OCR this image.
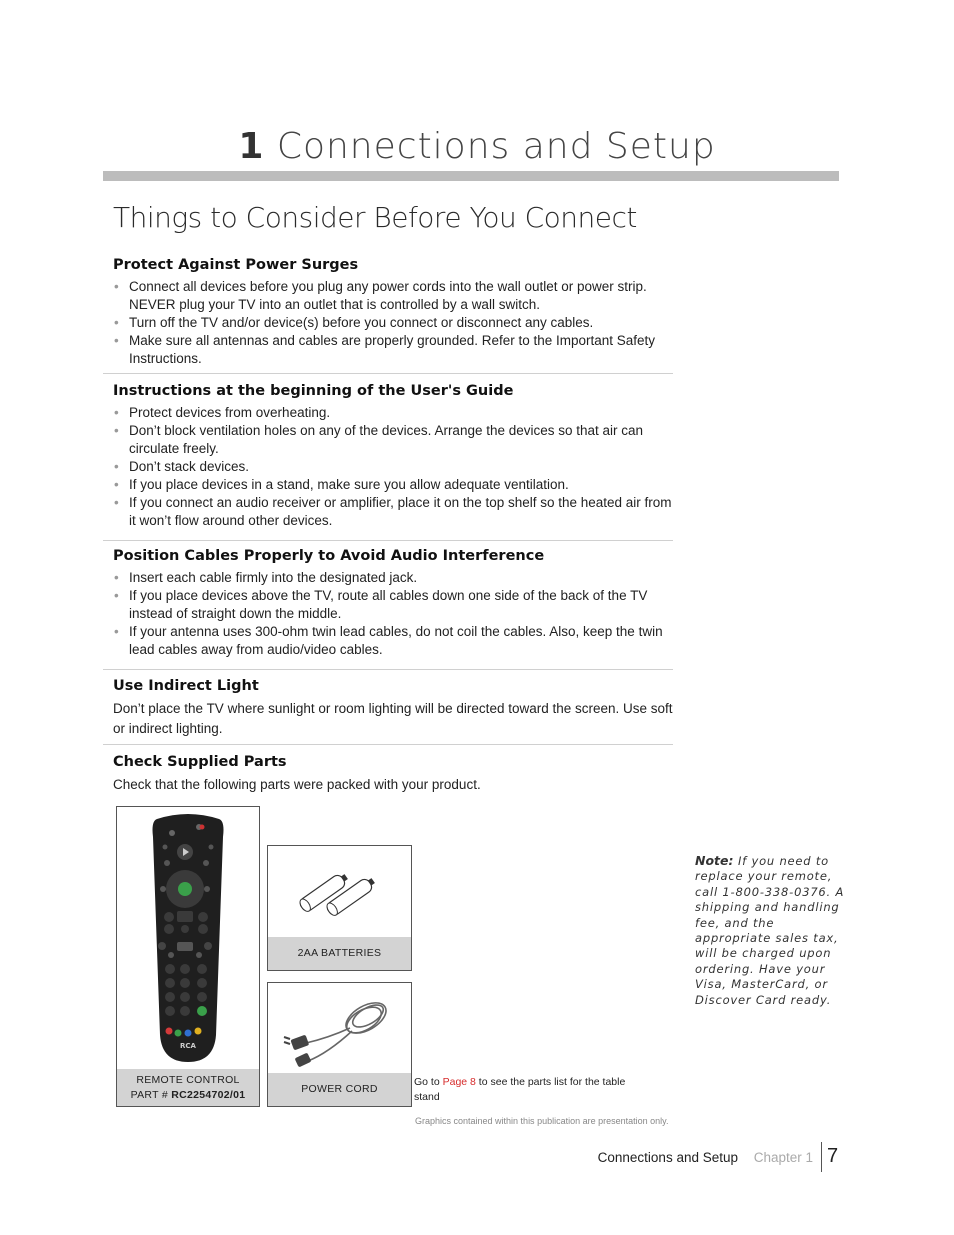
1 Connections and Setup
Things to Consider Before You Connect
Protect Against Power Surges
• Connect all devices before you plug any power cords into the wall outlet or power strip. NEVER plug your TV into an outlet that is controlled by a wall switch.
• Turn off the TV and/or device(s) before you connect or disconnect any cables.
• Make sure all antennas and cables are properly grounded. Refer to the Important Safety Instructions.
Instructions at the beginning of the User's Guide
• Protect devices from overheating.
• Don’t block ventilation holes on any of the devices. Arrange the devices so that air can circulate freely.
• Don’t stack devices.
• If you place devices in a stand, make sure you allow adequate ventilation.
• If you connect an audio receiver or amplifier, place it on the top shelf so the heated air from it won’t flow around other devices.
Position Cables Properly to Avoid Audio Interference
• Insert each cable firmly into the designated jack.
• If you place devices above the TV, route all cables down one side of the back of the TV instead of straight down the middle.
• If your antenna uses 300-ohm twin lead cables, do not coil the cables. Also, keep the twin lead cables away from audio/video cables.
Use Indirect Light

Don’t place the TV where sunlight or room lighting will be directed toward the screen. Use soft or indirect lighting.

Check Supplied Parts

Check that the following parts were packed with your product.

RCA
REMOTE CONTROL
PART # RC2254702/01
2AA BATTERIES
POWER CORD
Go to Page 8 to see the parts list for the table stand
Graphics contained within this publication are presentation only.
Note: If you need to replace your remote, call 1-800-338-0376. A shipping and handling fee, and the appropriate sales tax, will be charged upon ordering. Have your Visa, MasterCard, or Discover Card ready.
Connections and Setup Chapter 1 7
